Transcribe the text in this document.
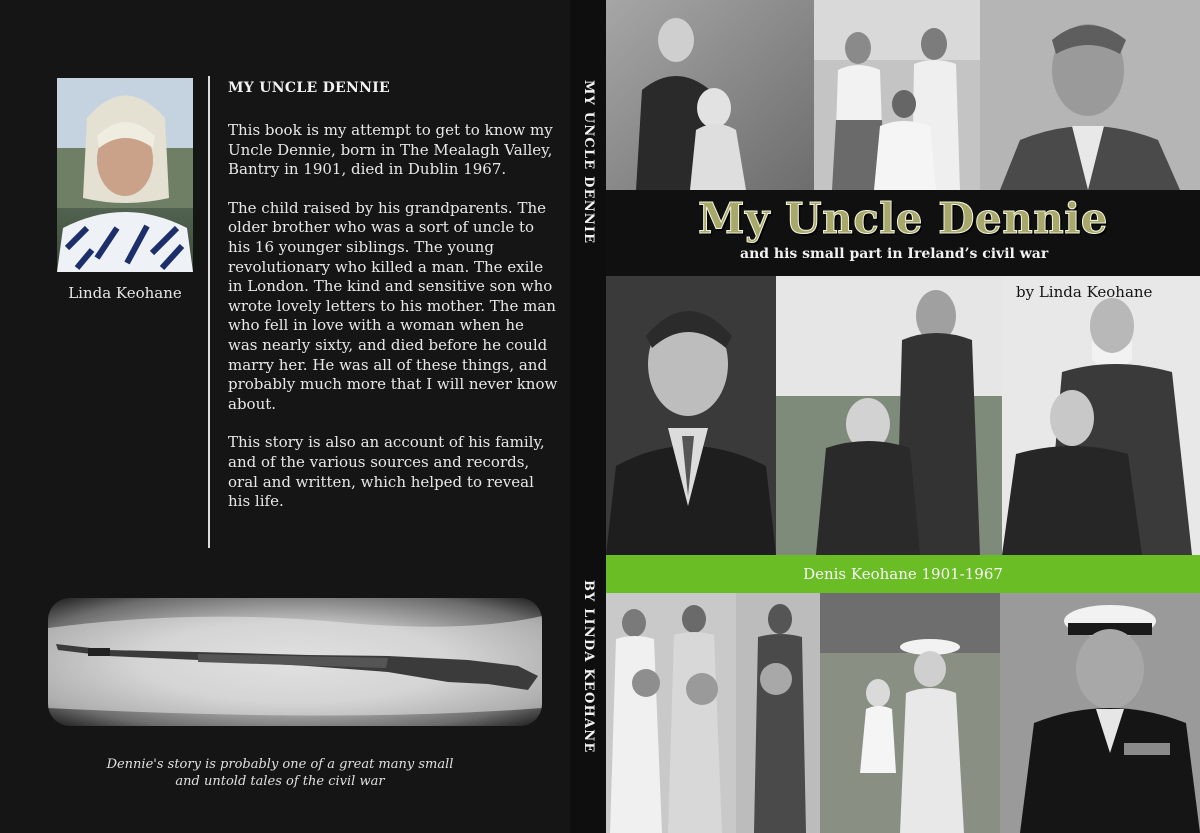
Linda Keohane
MY UNCLE DENNIE

This book is my attempt to get to know my Uncle Dennie, born in The Mealagh Valley, Bantry in 1901, died in Dublin 1967.

The child raised by his grandparents. The older brother who was a sort of uncle to his 16 younger siblings. The young revolutionary who killed a man. The exile in London. The kind and sensitive son who wrote lovely letters to his mother. The man who fell in love with a woman when he was nearly sixty, and died before he could marry her. He was all of these things, and probably much more that I will never know about.

This story is also an account of his family, and of the various sources and records, oral and written, which helped to reveal his life.

Dennie's story is probably one of a great many small
and untold tales of the civil war
MY UNCLE DENNIE
BY LINDA KEOHANE
My Uncle Dennie
and his small part in Ireland’s civil war
by Linda Keohane
Denis Keohane 1901-1967
